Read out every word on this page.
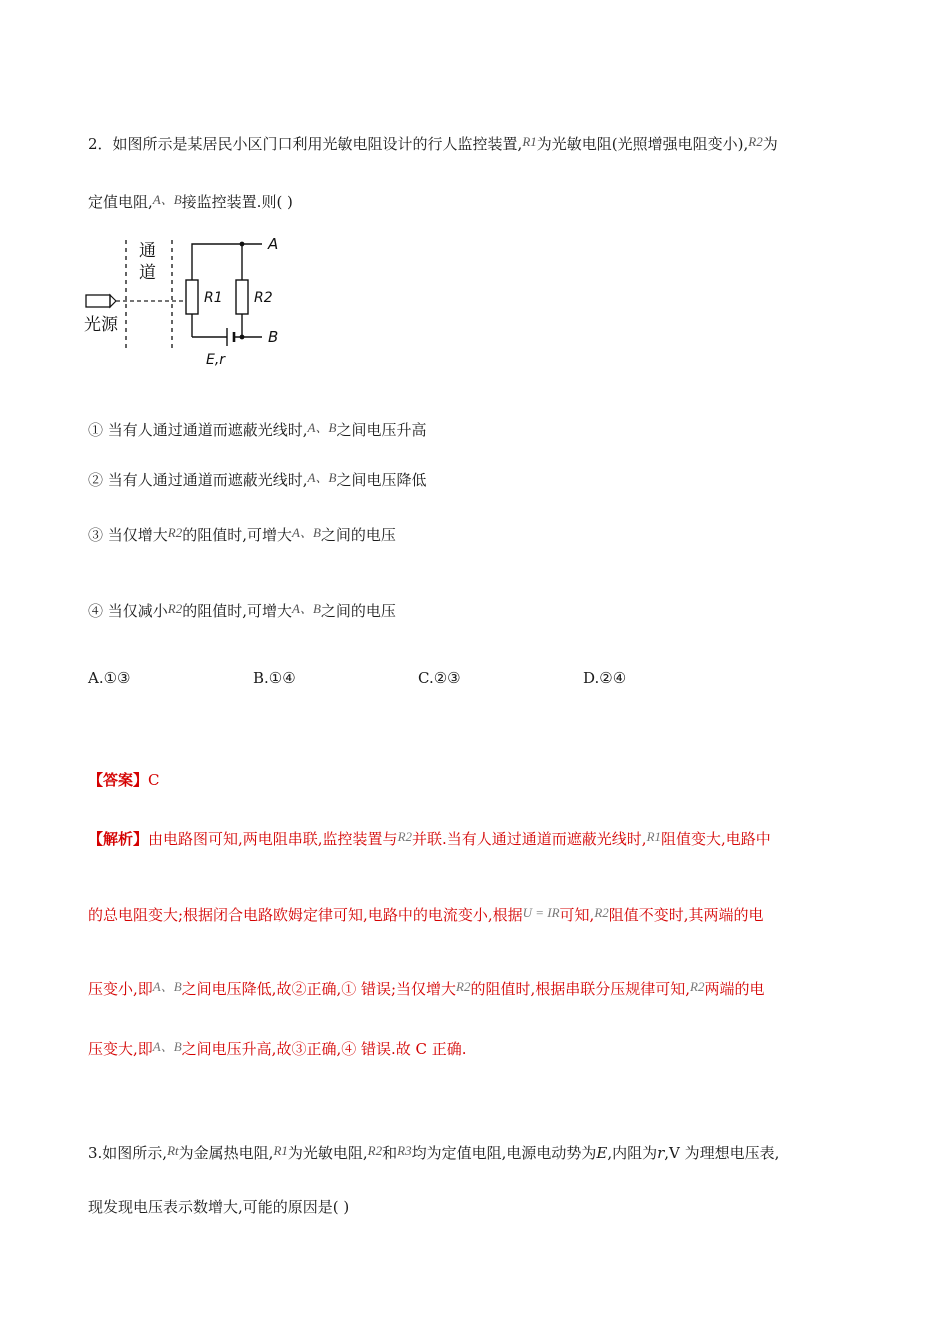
2．如图所示是某居民小区门口利用光敏电阻设计的行人监控装置,R1为光敏电阻(光照增强电阻变小),R2为
定值电阻,A、B接监控装置.则( )
通
道
光源
R1 R2
A
B
E,r
① 当有人通过通道而遮蔽光线时,A、B之间电压升高
② 当有人通过通道而遮蔽光线时,A、B之间电压降低
③ 当仅增大R2的阻值时,可增大A、B之间的电压
④ 当仅减小R2的阻值时,可增大A、B之间的电压
A.①③	B.①④	C.②③	D.②④
【答案】C
【解析】由电路图可知,两电阻串联,监控装置与R2并联.当有人通过通道而遮蔽光线时,R1阻值变大,电路中
的总电阻变大;根据闭合电路欧姆定律可知,电路中的电流变小,根据U = IR可知,R2阻值不变时,其两端的电
压变小,即A、B之间电压降低,故②正确,① 错误;当仅增大R2的阻值时,根据串联分压规律可知,R2两端的电
压变大,即A、B之间电压升高,故③正确,④ 错误.故 C 正确.
3.如图所示,Rt为金属热电阻,R1为光敏电阻,R2和R3均为定值电阻,电源电动势为E,内阻为r,V 为理想电压表,
现发现电压表示数增大,可能的原因是( )
